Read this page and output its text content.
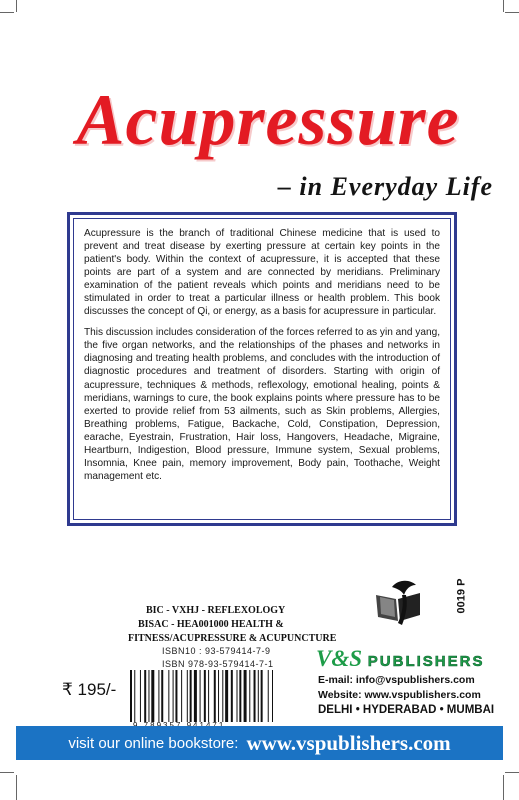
Acupressure
– in Everyday Life

Acupressure is the branch of traditional Chinese medicine that is used to prevent and treat disease by exerting pressure at certain key points in the patient's body. Within the context of acupressure, it is accepted that these points are part of a system and are connected by meridians. Preliminary examination of the patient reveals which points and meridians need to be stimulated in order to treat a particular illness or health problem. This book discusses the concept of Qi, or energy, as a basis for acupressure in particular.

This discussion includes consideration of the forces referred to as yin and yang, the five organ networks, and the relationships of the phases and networks in diagnosing and treating health problems, and concludes with the introduction of diagnostic procedures and treatment of disorders. Starting with origin of acupressure, techniques & methods, reflexology, emotional healing, points & meridians, warnings to cure, the book explains points where pressure has to be exerted to provide relief from 53 ailments, such as Skin problems, Allergies, Breathing problems, Fatigue, Backache, Cold, Constipation, Depression, earache, Eyestrain, Frustration, Hair loss, Hangovers, Headache, Migraine, Heartburn, Indigestion, Blood pressure, Immune system, Sexual problems, Insomnia, Knee pain, memory improvement, Body pain, Toothache, Weight management etc.

0019 P
BIC - VXHJ - REFLEXOLOGY
BISAC - HEA001000 HEALTH &
FITNESS/ACUPRESSURE & ACUPUNCTURE
ISBN10 : 93-579414-7-9
ISBN 978-93-579414-7-1
₹ 195/-
V&S PUBLISHERS
E-mail: info@vspublishers.com
Website: www.vspublishers.com
DELHI • HYDERABAD • MUMBAI
visit our online bookstore: www.vspublishers.com
